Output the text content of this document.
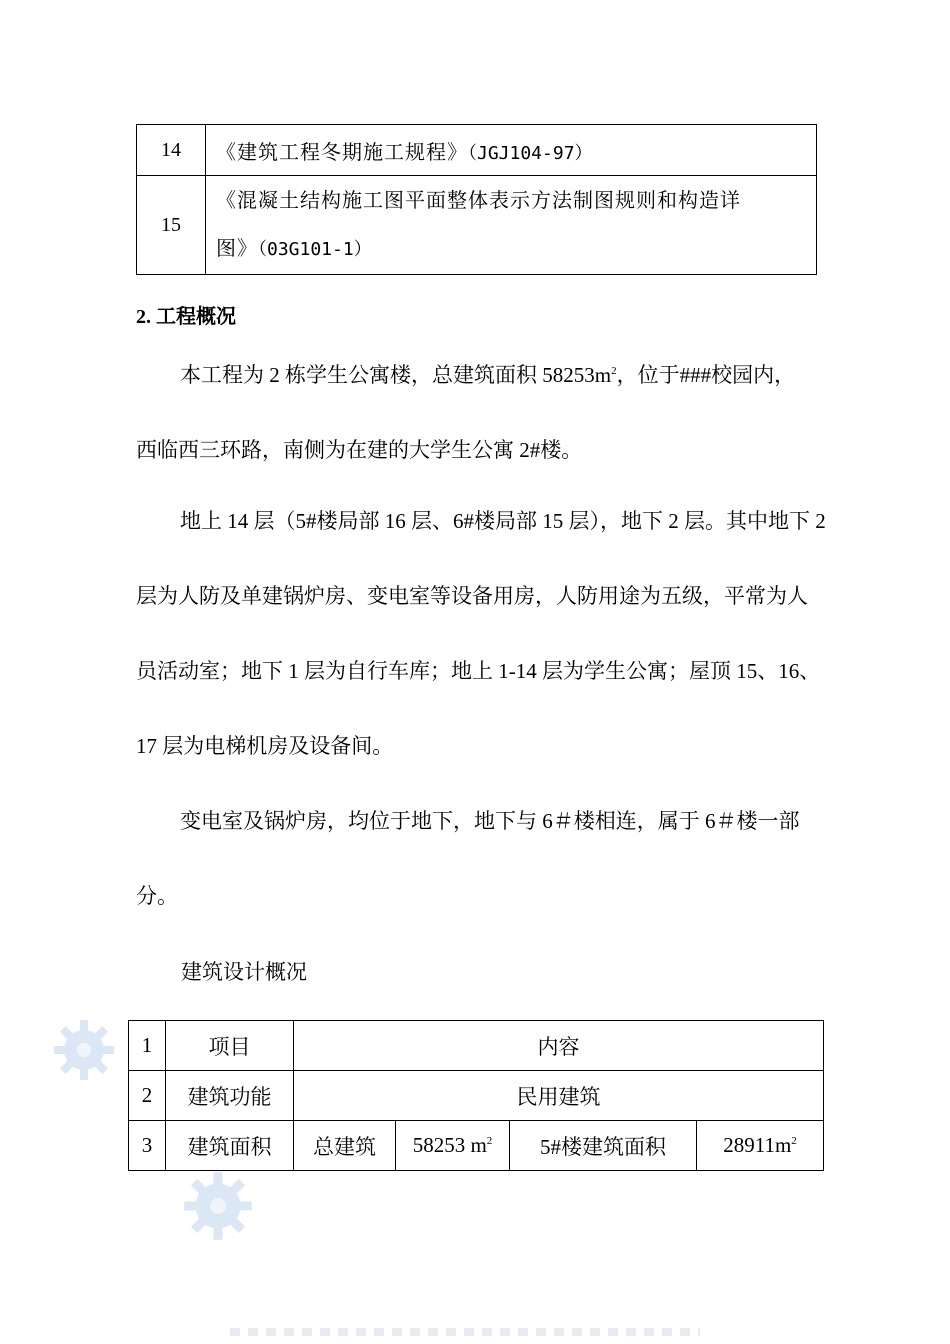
14	《建筑工程冬期施工规程》（JGJ104-97）
15	《混凝土结构施工图平面整体表示方法制图规则和构造详
图》（03G101-1）
2. 工程概况
本工程为 2 栋学生公寓楼，总建筑面积 $58253m^2$，位于###校园内，
西临西三环路，南侧为在建的大学生公寓 2#楼。
地上 14 层（5#楼局部 16 层、6#楼局部 15 层），地下 2 层。其中地下 2 层为人防及单建锅炉房、变电室等设备用房，人防用途为五级，平常为人员活动室；地下 1 层为自行车库；地上 1-14 层为学生公寓；屋顶 15、16、17 层为电梯机房及设备间。
变电室及锅炉房，均位于地下，地下与 6＃楼相连，属于 6＃楼一部分。
建筑设计概况
1	项目	内容			
2	建筑功能	民用建筑			
3	建筑面积	总建筑	58253 $m^2$	5#楼建筑面积	$28911m^2$
